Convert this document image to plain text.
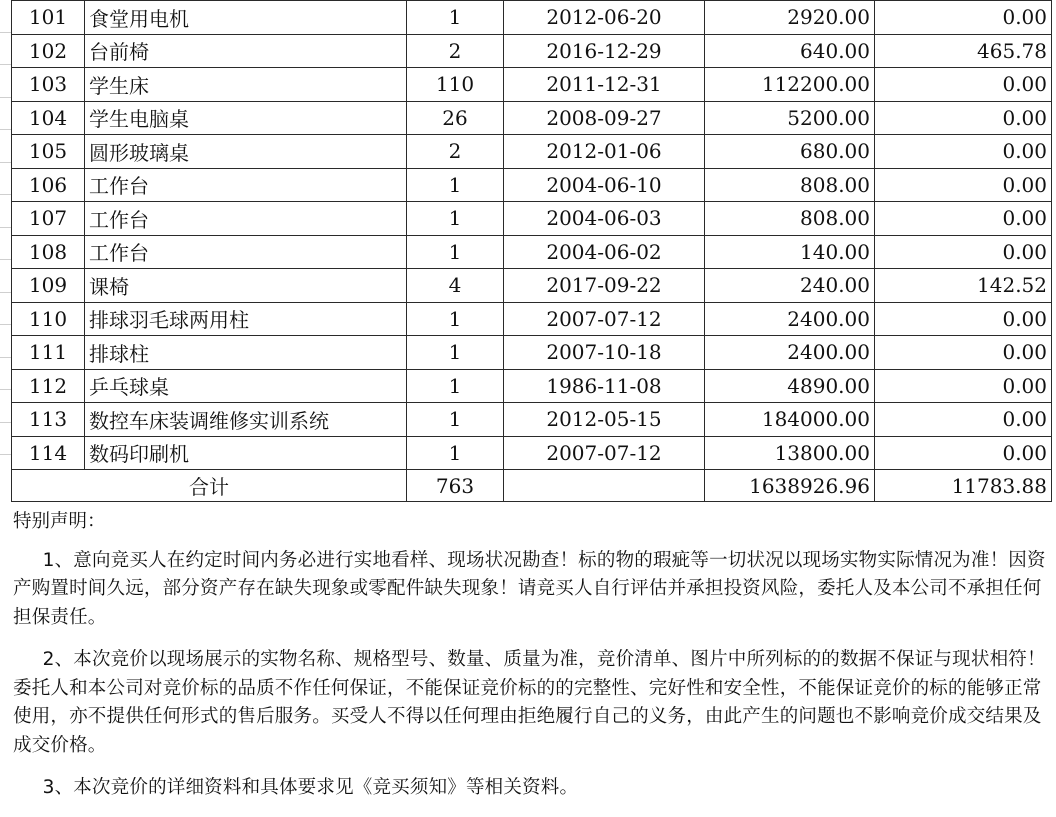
101	食堂用电机	1	2012-06-20	2920.00	0.00
102	台前椅	2	2016-12-29	640.00	465.78
103	学生床	110	2011-12-31	112200.00	0.00
104	学生电脑桌	26	2008-09-27	5200.00	0.00
105	圆形玻璃桌	2	2012-01-06	680.00	0.00
106	工作台	1	2004-06-10	808.00	0.00
107	工作台	1	2004-06-03	808.00	0.00
108	工作台	1	2004-06-02	140.00	0.00
109	课椅	4	2017-09-22	240.00	142.52
110	排球羽毛球两用柱	1	2007-07-12	2400.00	0.00
111	排球柱	1	2007-10-18	2400.00	0.00
112	乒乓球桌	1	1986-11-08	4890.00	0.00
113	数控车床装调维修实训系统	1	2012-05-15	184000.00	0.00
114	数码印刷机	1	2007-07-12	13800.00	0.00
合计		763		1638926.96	11783.88
特别声明：

1、意向竞买人在约定时间内务必进行实地看样、现场状况勘查！标的物的瑕疵等一切状况以现场实物实际情况为准！因资产购置时间久远，部分资产存在缺失现象或零配件缺失现象！请竞买人自行评估并承担投资风险，委托人及本公司不承担任何担保责任。

2、本次竞价以现场展示的实物名称、规格型号、数量、质量为准，竞价清单、图片中所列标的的数据不保证与现状相符！委托人和本公司对竞价标的品质不作任何保证，不能保证竞价标的的完整性、完好性和安全性，不能保证竞价的标的能够正常使用，亦不提供任何形式的售后服务。买受人不得以任何理由拒绝履行自己的义务，由此产生的问题也不影响竞价成交结果及成交价格。

3、本次竞价的详细资料和具体要求见《竞买须知》等相关资料。
